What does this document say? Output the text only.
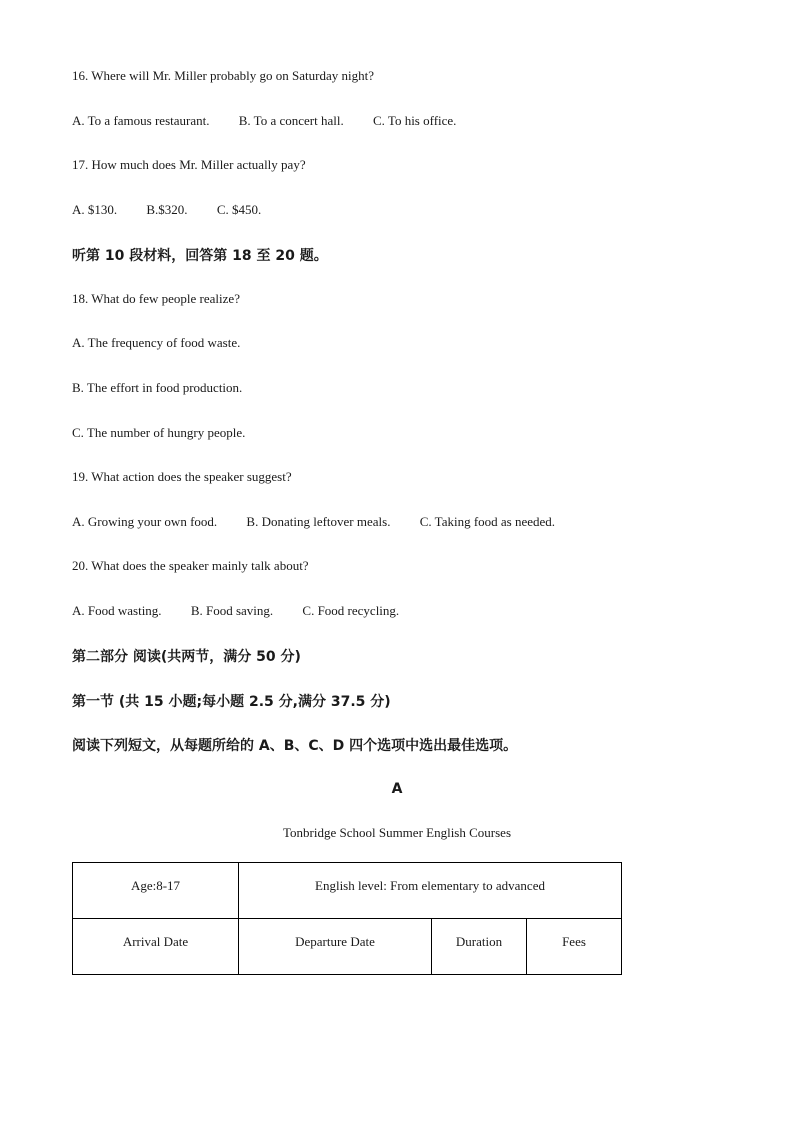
16. Where will Mr. Miller probably go on Saturday night?
A. To a famous restaurant. B. To a concert hall. C. To his office.
17. How much does Mr. Miller actually pay?
A. $130. B.$320. C. $450.
听第 10 段材料，回答第 18 至 20 题。
18. What do few people realize?
A. The frequency of food waste.
B. The effort in food production.
C. The number of hungry people.
19. What action does the speaker suggest?
A. Growing your own food. B. Donating leftover meals. C. Taking food as needed.
20. What does the speaker mainly talk about?
A. Food wasting. B. Food saving. C. Food recycling.
第二部分 阅读(共两节，满分 50 分)
第一节 (共 15 小题;每小题 2.5 分,满分 37.5 分)
阅读下列短文，从每题所给的 A、B、C、D 四个选项中选出最佳选项。
A
Tonbridge School Summer English Courses
Age:8-17	English level: From elementary to advanced		
Arrival Date	Departure Date	Duration	Fees
